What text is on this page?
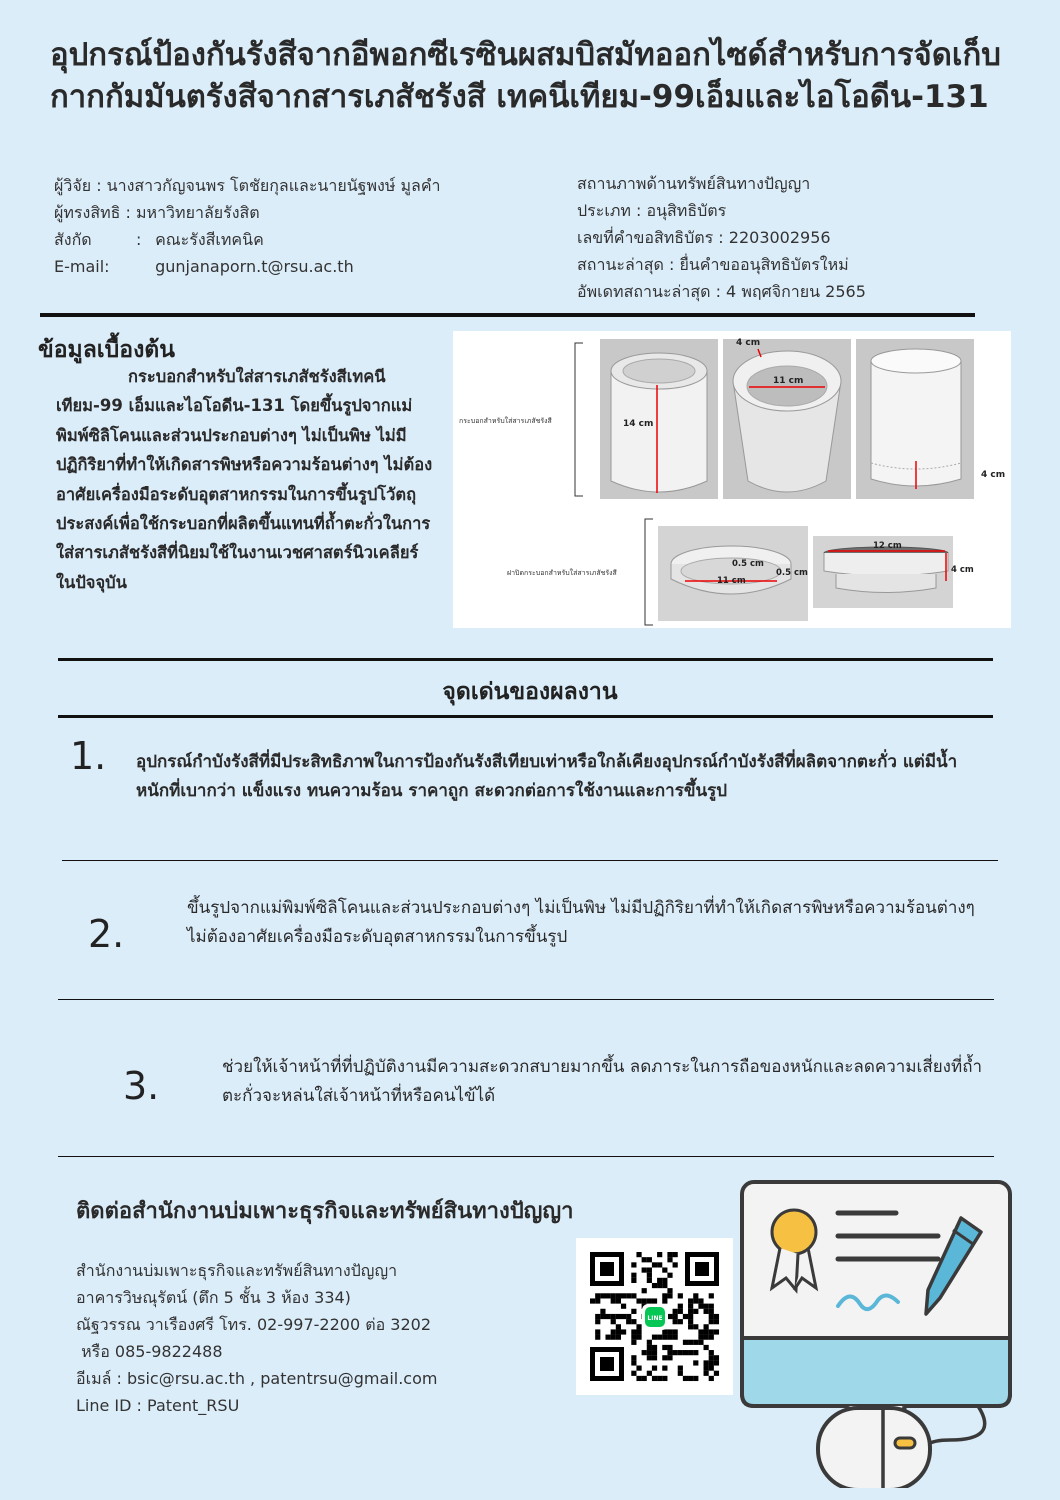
อุปกรณ์ป้องกันรังสีจากอีพอกซีเรซินผสมบิสมัทออกไซด์สำหรับการจัดเก็บกากกัมมันตรังสีจากสารเภสัชรังสี เทคนีเทียม-99เอ็มและไอโอดีน-131
ผู้วิจัย : นางสาวกัญจนพร โตชัยกุลและนายนัฐพงษ์ มูลคำ
ผู้ทรงสิทธิ : มหาวิทยาลัยรังสิต
สังกัด	: คณะรังสีเทคนิค
E-mail:	gunjanaporn.t@rsu.ac.th
สถานภาพด้านทรัพย์สินทางปัญญา
ประเภท : อนุสิทธิบัตร
เลขที่คำขอสิทธิบัตร : 2203002956
สถานะล่าสุด : ยื่นคำขออนุสิทธิบัตรใหม่
อัพเดทสถานะล่าสุด : 4 พฤศจิกายน 2565
ข้อมูลเบื้องต้น

กระบอกสำหรับใส่สารเภสัชรังสีเทคนีเทียม-99 เอ็มและไอโอดีน-131 โดยขึ้นรูปจากแม่พิมพ์ซิลิโคนและส่วนประกอบต่างๆ ไม่เป็นพิษ ไม่มีปฏิกิริยาที่ทำให้เกิดสารพิษหรือความร้อนต่างๆ ไม่ต้องอาศัยเครื่องมือระดับอุตสาหกรรมในการขึ้นรูปโวัตถุประสงค์เพื่อใช้กระบอกที่ผลิตขึ้นแทนที่ถ้ำตะกั่วในการใส่สารเภสัชรังสีที่นิยมใช้ในงานเวชศาสตร์นิวเคลียร์ในปัจจุบัน

กระบอกสำหรับใส่สารเภสัชรังสี	14 cm
4 cm
11 cm
4 cm
ฝาปิดกระบอกสำหรับใส่สารเภสัชรังสี
0.5 cm
11 cm
0.5 cm
12 cm
4 cm
จุดเด่นของผลงาน
1. อุปกรณ์กำบังรังสีที่มีประสิทธิภาพในการป้องกันรังสีเทียบเท่าหรือใกล้เคียงอุปกรณ์กำบังรังสีที่ผลิตจากตะกั่ว แต่มีน้ำหนักที่เบากว่า แข็งแรง ทนความร้อน ราคาถูก สะดวกต่อการใช้งานและการขึ้นรูป

2.

ขึ้นรูปจากแม่พิมพ์ซิลิโคนและส่วนประกอบต่างๆ ไม่เป็นพิษ ไม่มีปฏิกิริยาที่ทำให้เกิดสารพิษหรือความร้อนต่างๆ ไม่ต้องอาศัยเครื่องมือระดับอุตสาหกรรมในการขึ้นรูป

3.	ช่วยให้เจ้าหน้าที่ที่ปฏิบัติงานมีความสะดวกสบายมากขึ้น ลดภาระในการถือของหนักและลดความเสี่ยงที่ถ้ำตะกั่วจะหล่นใส่เจ้าหน้าที่หรือคนไข้ได้

ติดต่อสำนักงานบ่มเพาะธุรกิจและทรัพย์สินทางปัญญา
สำนักงานบ่มเพาะธุรกิจและทรัพย์สินทางปัญญา
อาคารวิษณุรัตน์ (ตึก 5 ชั้น 3 ห้อง 334)
ณัฐวรรณ วาเรืองศรี โทร. 02-997-2200 ต่อ 3202
หรือ 085-9822488
อีเมล์ : bsic@rsu.ac.th , patentrsu@gmail.com
Line ID : Patent_RSU
LINE
